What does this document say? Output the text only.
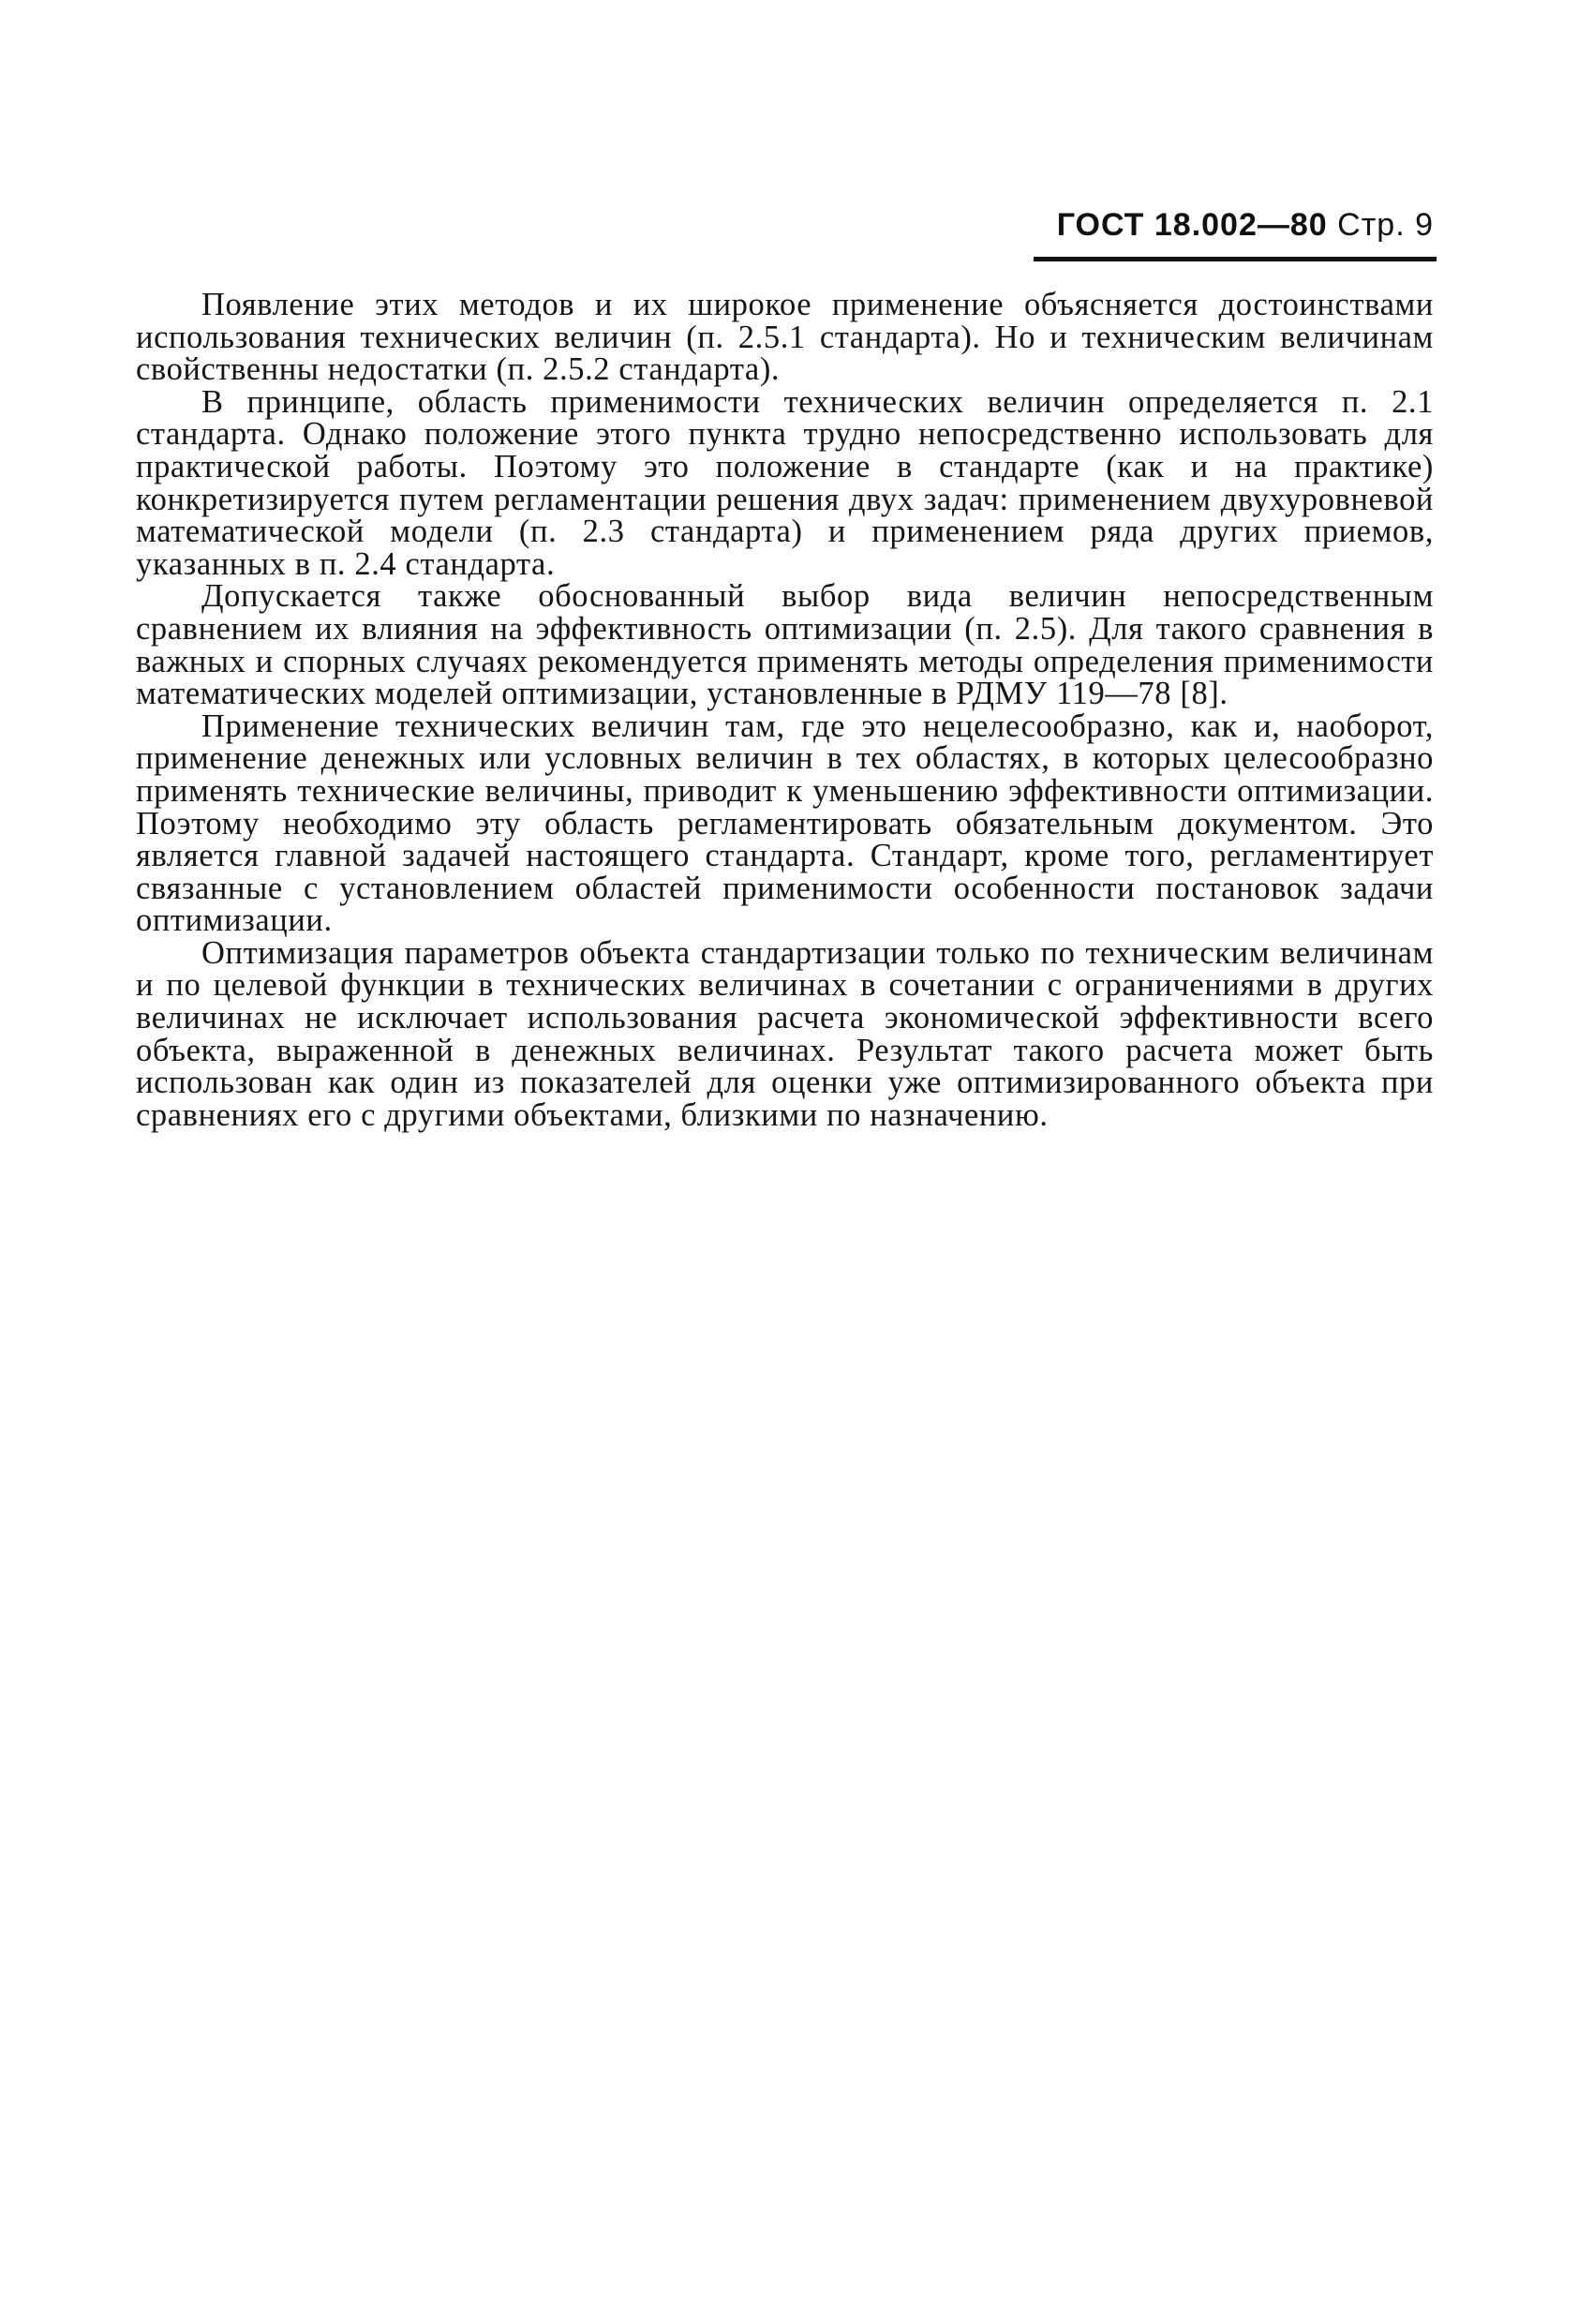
ГОСТ 18.002—80 Стр. 9

Появление этих методов и их широкое применение объясняется достоинствами использования технических величин (п. 2.5.1 стандарта). Но и техническим величинам свойственны недостатки (п. 2.5.2 стандарта).

В принципе, область применимости технических величин определяется п. 2.1 стандарта. Однако положение этого пункта трудно непосредственно использовать для практической работы. Поэтому это положение в стандарте (как и на практике) конкретизируется путем регламентации решения двух задач: применением двухуровневой математической модели (п. 2.3 стандарта) и применением ряда других приемов, указанных в п. 2.4 стандарта.

Допускается также обоснованный выбор вида величин непосредственным сравнением их влияния на эффективность оптимизации (п. 2.5). Для такого сравнения в важных и спорных случаях рекомендуется применять методы определения применимости математических моделей оптимизации, установленные в РДМУ 119—78 [8].

Применение технических величин там, где это нецелесообразно, как и, наоборот, применение денежных или условных величин в тех областях, в которых целесообразно применять технические величины, приводит к уменьшению эффективности оптимизации. Поэтому необходимо эту область регламентировать обязательным документом. Это является главной задачей настоящего стандарта. Стандарт, кроме того, регламентирует связанные с установлением областей применимости особенности постановок задачи оптимизации.

Оптимизация параметров объекта стандартизации только по техническим величинам и по целевой функции в технических величинах в сочетании с ограничениями в других величинах не исключает использования расчета экономической эффективности всего объекта, выраженной в денежных величинах. Результат такого расчета может быть использован как один из показателей для оценки уже оптимизированного объекта при сравнениях его с другими объектами, близкими по назначению.
